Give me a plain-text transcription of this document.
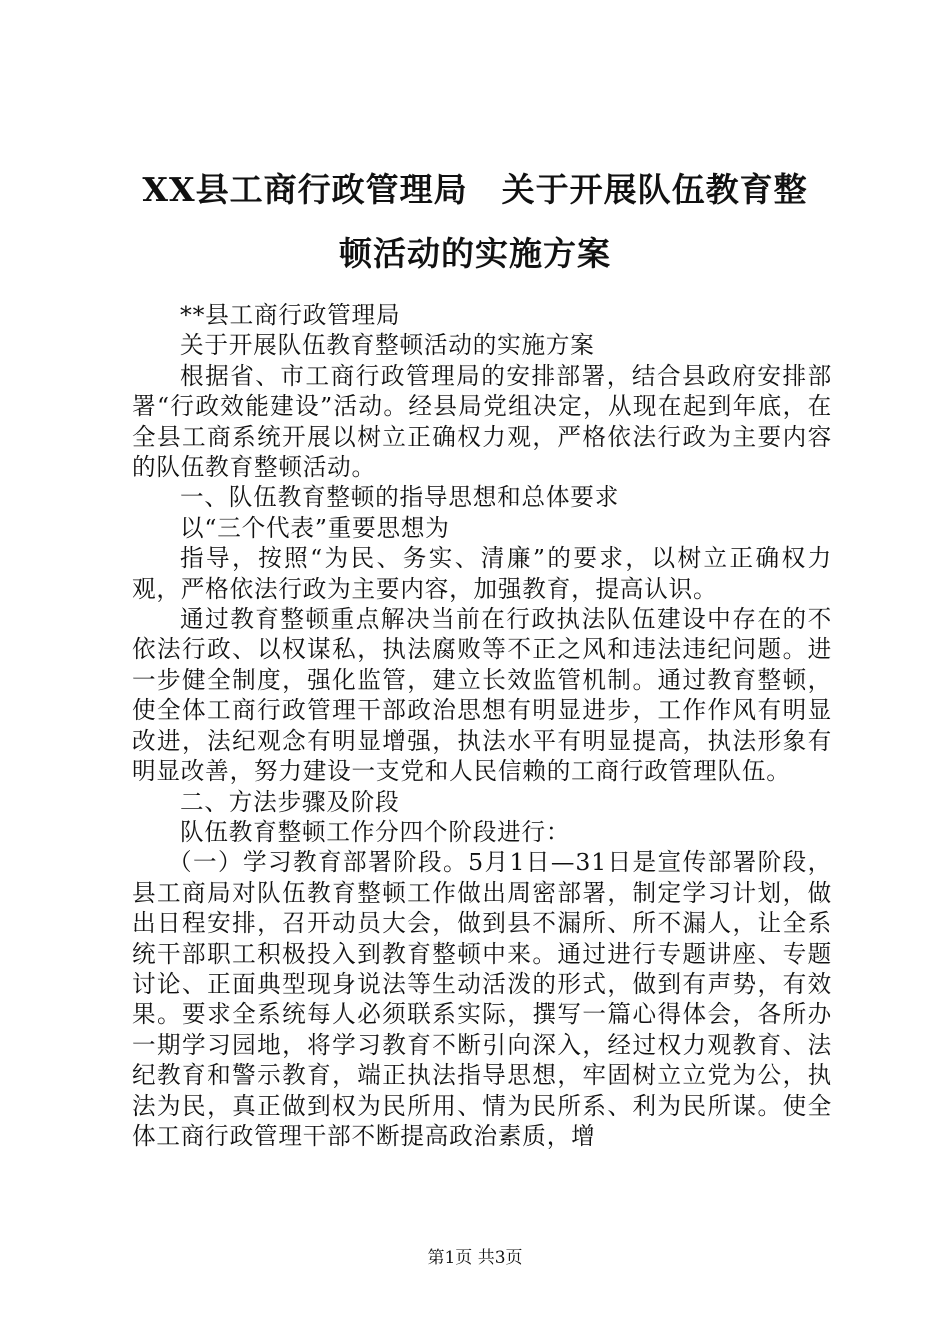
XX县工商行政管理局　关于开展队伍教育整
顿活动的实施方案

**县工商行政管理局

关于开展队伍教育整顿活动的实施方案

根据省、市工商行政管理局的安排部署，结合县政府安排部署“行政效能建设”活动。经县局党组决定，从现在起到年底，在全县工商系统开展以树立正确权力观，严格依法行政为主要内容的队伍教育整顿活动。

一、队伍教育整顿的指导思想和总体要求

以“三个代表”重要思想为

指导，按照“为民、务实、清廉”的要求，以树立正确权力观，严格依法行政为主要内容，加强教育，提高认识。

通过教育整顿重点解决当前在行政执法队伍建设中存在的不依法行政、以权谋私，执法腐败等不正之风和违法违纪问题。进一步健全制度，强化监管，建立长效监管机制。通过教育整顿，使全体工商行政管理干部政治思想有明显进步，工作作风有明显改进，法纪观念有明显增强，执法水平有明显提高，执法形象有明显改善，努力建设一支党和人民信赖的工商行政管理队伍。

二、方法步骤及阶段

队伍教育整顿工作分四个阶段进行：

（一）学习教育部署阶段。5月1日—31日是宣传部署阶段，县工商局对队伍教育整顿工作做出周密部署，制定学习计划，做出日程安排，召开动员大会，做到县不漏所、所不漏人，让全系统干部职工积极投入到教育整顿中来。通过进行专题讲座、专题讨论、正面典型现身说法等生动活泼的形式，做到有声势，有效果。要求全系统每人必须联系实际，撰写一篇心得体会，各所办一期学习园地，将学习教育不断引向深入，经过权力观教育、法纪教育和警示教育，端正执法指导思想，牢固树立立党为公，执法为民，真正做到权为民所用、情为民所系、利为民所谋。使全体工商行政管理干部不断提高政治素质，增

第1页 共3页
